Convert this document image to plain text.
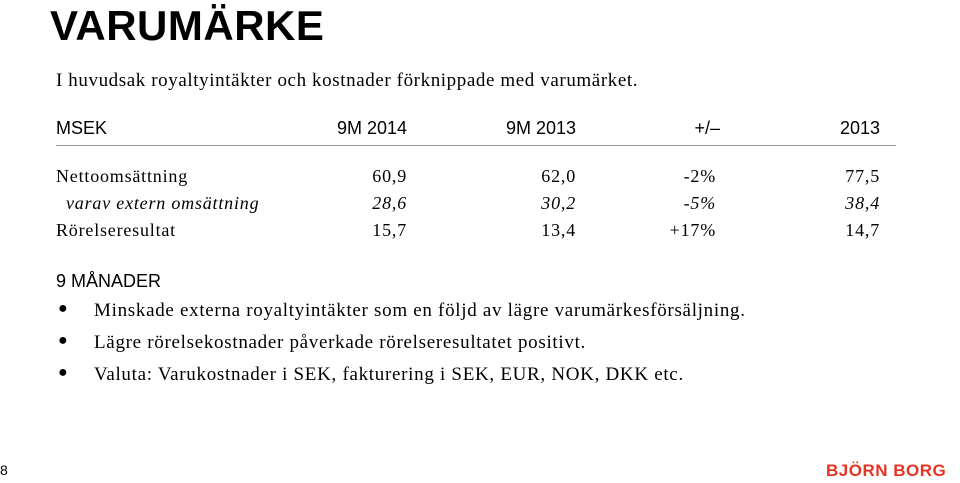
VARUMÄRKE
I huvudsak royaltyintäkter och kostnader förknippade med varumärket.
MSEK	9M 2014	9M 2013	+/–	2013
Nettoomsättning	60,9	62,0	-2%	77,5
varav extern omsättning	28,6	30,2	-5%	38,4
Rörelseresultat	15,7	13,4	+17%	14,7
9 MÅNADER
● Minskade externa royaltyintäkter som en följd av lägre varumärkesförsäljning.
● Lägre rörelsekostnader påverkade rörelseresultatet positivt.
● Valuta: Varukostnader i SEK, fakturering i SEK, EUR, NOK, DKK etc.
8	BJÖRN BORG
